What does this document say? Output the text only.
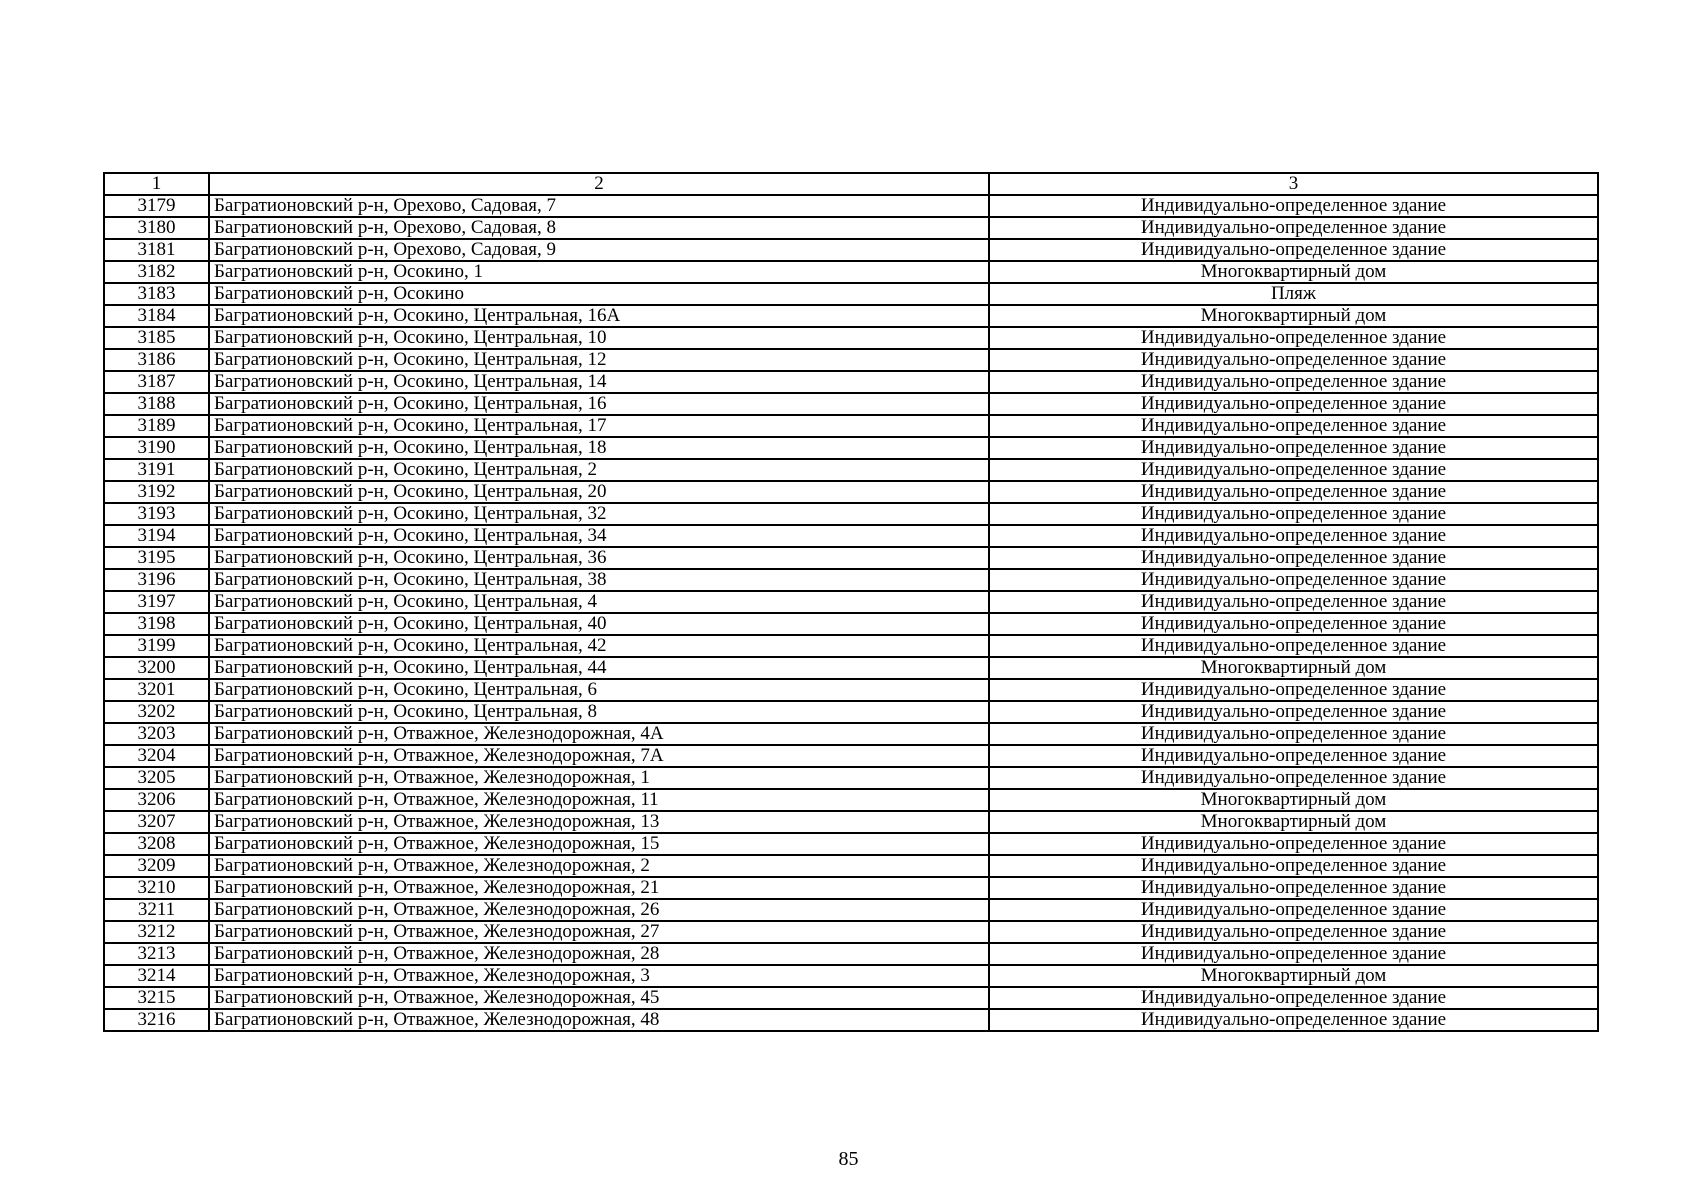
1	2	3
3179	Багратионовский р-н, Орехово, Садовая, 7	Индивидуально-определенное здание
3180	Багратионовский р-н, Орехово, Садовая, 8	Индивидуально-определенное здание
3181	Багратионовский р-н, Орехово, Садовая, 9	Индивидуально-определенное здание
3182	Багратионовский р-н, Осокино, 1	Многоквартирный дом
3183	Багратионовский р-н, Осокино	Пляж
3184	Багратионовский р-н, Осокино, Центральная, 16А	Многоквартирный дом
3185	Багратионовский р-н, Осокино, Центральная, 10	Индивидуально-определенное здание
3186	Багратионовский р-н, Осокино, Центральная, 12	Индивидуально-определенное здание
3187	Багратионовский р-н, Осокино, Центральная, 14	Индивидуально-определенное здание
3188	Багратионовский р-н, Осокино, Центральная, 16	Индивидуально-определенное здание
3189	Багратионовский р-н, Осокино, Центральная, 17	Индивидуально-определенное здание
3190	Багратионовский р-н, Осокино, Центральная, 18	Индивидуально-определенное здание
3191	Багратионовский р-н, Осокино, Центральная, 2	Индивидуально-определенное здание
3192	Багратионовский р-н, Осокино, Центральная, 20	Индивидуально-определенное здание
3193	Багратионовский р-н, Осокино, Центральная, 32	Индивидуально-определенное здание
3194	Багратионовский р-н, Осокино, Центральная, 34	Индивидуально-определенное здание
3195	Багратионовский р-н, Осокино, Центральная, 36	Индивидуально-определенное здание
3196	Багратионовский р-н, Осокино, Центральная, 38	Индивидуально-определенное здание
3197	Багратионовский р-н, Осокино, Центральная, 4	Индивидуально-определенное здание
3198	Багратионовский р-н, Осокино, Центральная, 40	Индивидуально-определенное здание
3199	Багратионовский р-н, Осокино, Центральная, 42	Индивидуально-определенное здание
3200	Багратионовский р-н, Осокино, Центральная, 44	Многоквартирный дом
3201	Багратионовский р-н, Осокино, Центральная, 6	Индивидуально-определенное здание
3202	Багратионовский р-н, Осокино, Центральная, 8	Индивидуально-определенное здание
3203	Багратионовский р-н, Отважное, Железнодорожная, 4А	Индивидуально-определенное здание
3204	Багратионовский р-н, Отважное, Железнодорожная, 7А	Индивидуально-определенное здание
3205	Багратионовский р-н, Отважное, Железнодорожная, 1	Индивидуально-определенное здание
3206	Багратионовский р-н, Отважное, Железнодорожная, 11	Многоквартирный дом
3207	Багратионовский р-н, Отважное, Железнодорожная, 13	Многоквартирный дом
3208	Багратионовский р-н, Отважное, Железнодорожная, 15	Индивидуально-определенное здание
3209	Багратионовский р-н, Отважное, Железнодорожная, 2	Индивидуально-определенное здание
3210	Багратионовский р-н, Отважное, Железнодорожная, 21	Индивидуально-определенное здание
3211	Багратионовский р-н, Отважное, Железнодорожная, 26	Индивидуально-определенное здание
3212	Багратионовский р-н, Отважное, Железнодорожная, 27	Индивидуально-определенное здание
3213	Багратионовский р-н, Отважное, Железнодорожная, 28	Индивидуально-определенное здание
3214	Багратионовский р-н, Отважное, Железнодорожная, 3	Многоквартирный дом
3215	Багратионовский р-н, Отважное, Железнодорожная, 45	Индивидуально-определенное здание
3216	Багратионовский р-н, Отважное, Железнодорожная, 48	Индивидуально-определенное здание
85
